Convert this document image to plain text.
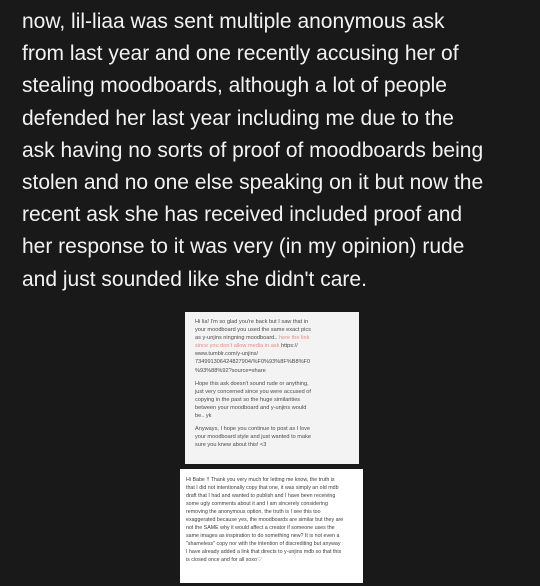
now, lil-liaa was sent multiple anonymous ask
from last year and one recently accusing her of
stealing moodboards, although a lot of people
defended her last year including me due to the
ask having no sorts of proof of moodboards being
stolen and no one else speaking on it but now the
recent ask she has received included proof and
her response to it was very (in my opinion) rude
and just sounded like she didn't care.

Hi lia! I'm so glad you're back but I saw that in
your moodboard you used the same exact pics
as y-unjins ningning moodboard.. here the link
since you don't allow media in ask https://
www.tumblr.com/y-unjins/
734991306424827904/%F0%93%8F%B8%F0
%93%88%92?source=share

Hope this ask doesn't sound rude or anything,
just very concerned since you were accused of
copying in the past so the huge similarities
between your moodboard and y-unjins would
be.. yk

Anyways, I hope you continue to post as I love
your moodboard style and just wanted to make
sure you knew about this! <3

Hi Babe !! Thank you very much for letting me know, the truth is
that I did not intentionally copy that one, it was simply an old mdb
draft that I had and wanted to publish and I have been receiving
some ugly comments about it and I am sincerely considering
removing the anonymous option, the truth is I see this too
exaggerated because yes, the moodboards are similar but they are
not the SAME why it would affect a creator if someone uses the
same images as inspiration to do something new? It is not even a
"shameless" copy nor with the intention of discrediting but anyway
I have already added a link that directs to y-unjins mdb so that this
is closed once and for all xoxo♡
